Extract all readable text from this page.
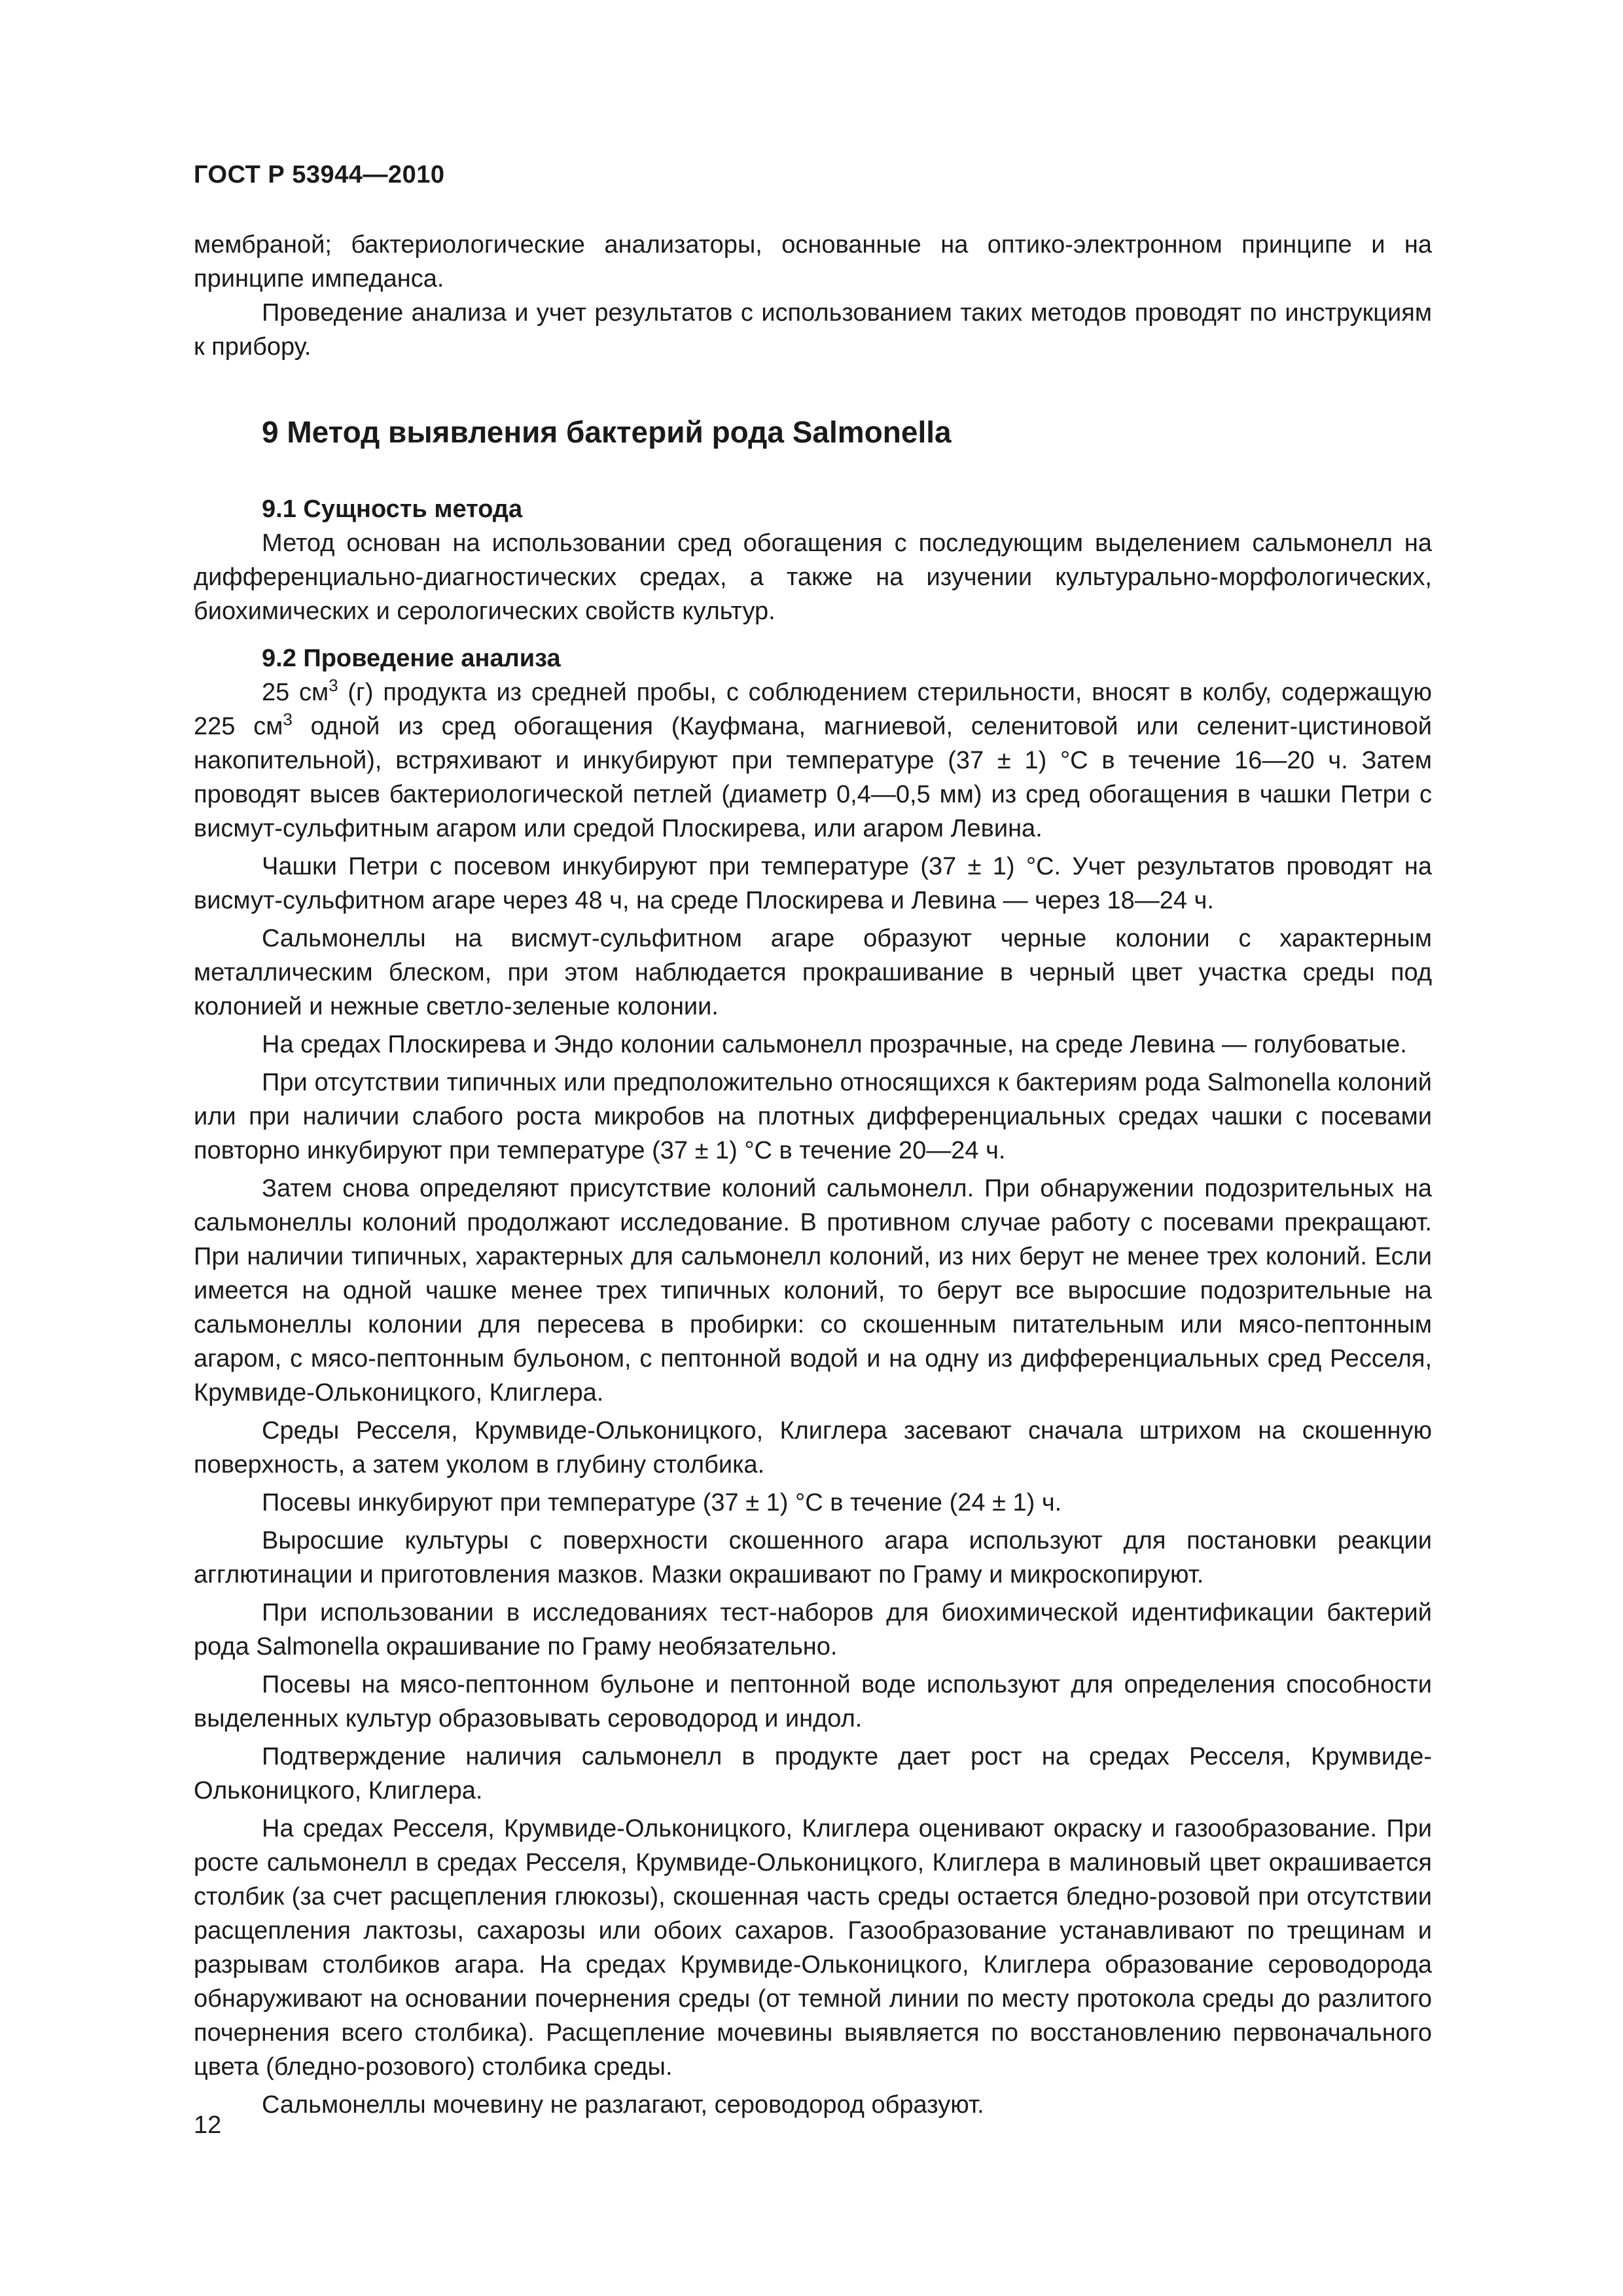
ГОСТ Р 53944—2010

мембраной; бактериологические анализаторы, основанные на оптико-электронном принципе и на принципе импеданса.

Проведение анализа и учет результатов с использованием таких методов проводят по инструкциям к прибору.

9 Метод выявления бактерий рода Salmonella
9.1 Сущность метода

Метод основан на использовании сред обогащения с последующим выделением сальмонелл на дифференциально-диагностических средах, а также на изучении культурально-морфологических, биохимических и серологических свойств культур.

9.2 Проведение анализа

25 $см^3$ (г) продукта из средней пробы, с соблюдением стерильности, вносят в колбу, содержащую 225 $см^3$ одной из сред обогащения (Кауфмана, магниевой, селенитовой или селенит-цистиновой накопительной), встряхивают и инкубируют при температуре (37 ± 1) °С в течение 16—20 ч. Затем проводят высев бактериологической петлей (диаметр 0,4—0,5 мм) из сред обогащения в чашки Петри с висмут-сульфитным агаром или средой Плоскирева, или агаром Левина.

Чашки Петри с посевом инкубируют при температуре (37 ± 1) °С. Учет результатов проводят на висмут-сульфитном агаре через 48 ч, на среде Плоскирева и Левина — через 18—24 ч.

Сальмонеллы на висмут-сульфитном агаре образуют черные колонии с характерным металлическим блеском, при этом наблюдается прокрашивание в черный цвет участка среды под колонией и нежные светло-зеленые колонии.

На средах Плоскирева и Эндо колонии сальмонелл прозрачные, на среде Левина — голубоватые.

При отсутствии типичных или предположительно относящихся к бактериям рода Salmonella колоний или при наличии слабого роста микробов на плотных дифференциальных средах чашки с посевами повторно инкубируют при температуре (37 ± 1) °С в течение 20—24 ч.

Затем снова определяют присутствие колоний сальмонелл. При обнаружении подозрительных на сальмонеллы колоний продолжают исследование. В противном случае работу с посевами прекращают. При наличии типичных, характерных для сальмонелл колоний, из них берут не менее трех колоний. Если имеется на одной чашке менее трех типичных колоний, то берут все выросшие подозрительные на сальмонеллы колонии для пересева в пробирки: со скошенным питательным или мясо-пептонным агаром, с мясо-пептонным бульоном, с пептонной водой и на одну из дифференциальных сред Ресселя, Крумвиде-Ольконицкого, Клиглера.

Среды Ресселя, Крумвиде-Ольконицкого, Клиглера засевают сначала штрихом на скошенную поверхность, а затем уколом в глубину столбика.

Посевы инкубируют при температуре (37 ± 1) °С в течение (24 ± 1) ч.

Выросшие культуры с поверхности скошенного агара используют для постановки реакции агглютинации и приготовления мазков. Мазки окрашивают по Граму и микроскопируют.

При использовании в исследованиях тест-наборов для биохимической идентификации бактерий рода Salmonella окрашивание по Граму необязательно.

Посевы на мясо-пептонном бульоне и пептонной воде используют для определения способности выделенных культур образовывать сероводород и индол.

Подтверждение наличия сальмонелл в продукте дает рост на средах Ресселя, Крумвиде-Ольконицкого, Клиглера.

На средах Ресселя, Крумвиде-Ольконицкого, Клиглера оценивают окраску и газообразование. При росте сальмонелл в средах Ресселя, Крумвиде-Ольконицкого, Клиглера в малиновый цвет окрашивается столбик (за счет расщепления глюкозы), скошенная часть среды остается бледно-розовой при отсутствии расщепления лактозы, сахарозы или обоих сахаров. Газообразование устанавливают по трещинам и разрывам столбиков агара. На средах Крумвиде-Ольконицкого, Клиглера образование сероводорода обнаруживают на основании почернения среды (от темной линии по месту протокола среды до разлитого почернения всего столбика). Расщепление мочевины выявляется по восстановлению первоначального цвета (бледно-розового) столбика среды.

Сальмонеллы мочевину не разлагают, сероводород образуют.

12
